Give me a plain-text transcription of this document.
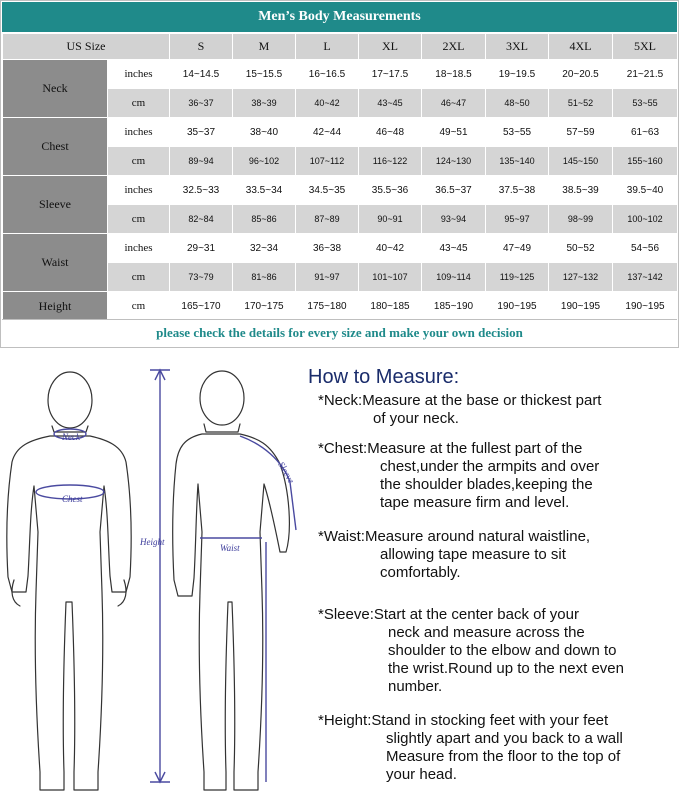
Men’s Body Measurements
US Size		S	M	L	XL	2XL	3XL	4XL	5XL
Neck	inches	14~14.5	15~15.5	16~16.5	17~17.5	18~18.5	19~19.5	20~20.5	21~21.5
	cm	36~37	38~39	40~42	43~45	46~47	48~50	51~52	53~55
Chest	inches	35~37	38~40	42~44	46~48	49~51	53~55	57~59	61~63
	cm	89~94	96~102	107~112	116~122	124~130	135~140	145~150	155~160
Sleeve	inches	32.5~33	33.5~34	34.5~35	35.5~36	36.5~37	37.5~38	38.5~39	39.5~40
	cm	82~84	85~86	87~89	90~91	93~94	95~97	98~99	100~102
Waist	inches	29~31	32~34	36~38	40~42	43~45	47~49	50~52	54~56
	cm	73~79	81~86	91~97	101~107	109~114	119~125	127~132	137~142
Height	cm	165~170	170~175	175~180	180~185	185~190	190~195	190~195	190~195
please check the details for every size and make your own decision
Neck
Chest
Height
Sleeve
Waist
How to Measure:
*Neck:Measure at the base or thickest part
of your neck.
*Chest:Measure at the fullest part of the
chest,under the armpits and over
the shoulder blades,keeping the
tape measure firm and level.
*Waist:Measure around natural waistline,
allowing tape measure to sit
comfortably.
*Sleeve:Start at the center back of your
neck and measure across the
shoulder to the elbow and down to
the wrist.Round up to the next even
number.
*Height:Stand in stocking feet with your feet
slightly apart and you back to a wall
Measure from the floor to the top of
your head.
